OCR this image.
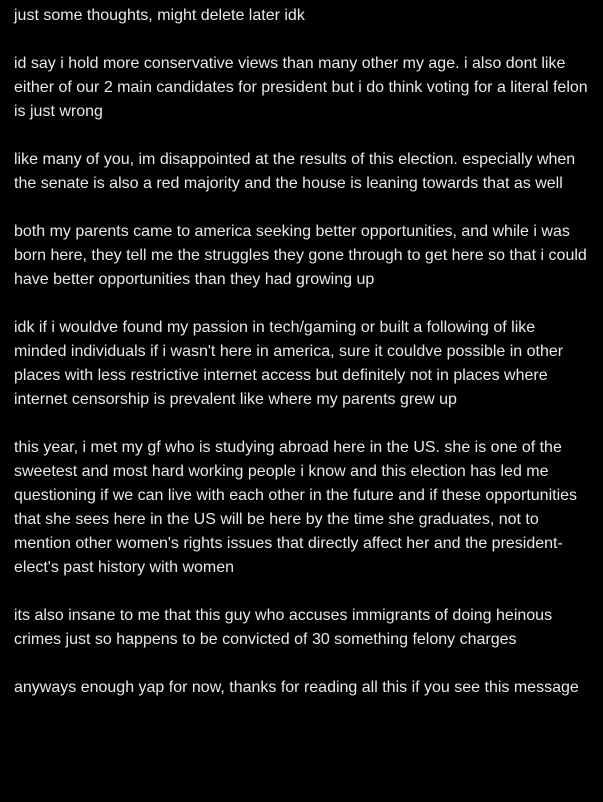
just some thoughts, might delete later idk

id say i hold more conservative views than many other my age. i also dont like either of our 2 main candidates for president but i do think voting for a literal felon is just wrong

like many of you, im disappointed at the results of this election. especially when the senate is also a red majority and the house is leaning towards that as well

both my parents came to america seeking better opportunities, and while i was born here, they tell me the struggles they gone through to get here so that i could have better opportunities than they had growing up

idk if i wouldve found my passion in tech/gaming or built a following of like minded individuals if i wasn't here in america, sure it couldve possible in other places with less restrictive internet access but definitely not in places where internet censorship is prevalent like where my parents grew up

this year, i met my gf who is studying abroad here in the US. she is one of the sweetest and most hard working people i know and this election has led me questioning if we can live with each other in the future and if these opportunities that she sees here in the US will be here by the time she graduates, not to mention other women's rights issues that directly affect her and the president-elect's past history with women

its also insane to me that this guy who accuses immigrants of doing heinous crimes just so happens to be convicted of 30 something felony charges

anyways enough yap for now, thanks for reading all this if you see this message
